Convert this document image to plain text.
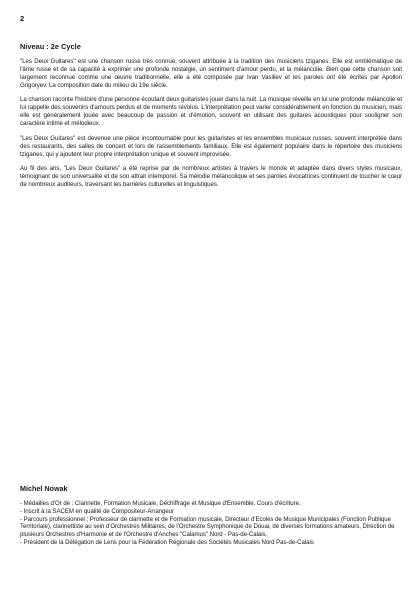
2
Niveau : 2e Cycle

"Les Deux Guitares" est une chanson russe très connue, souvent attribuée à la tradition des musiciens tziganes. Elle est emblématique de l'âme russe et de sa capacité à exprimer une profonde nostalgie, un sentiment d'amour perdu, et la mélancolie. Bien que cette chanson soit largement reconnue comme une œuvre traditionnelle, elle a été composée par Ivan Vasiliev et les paroles ont été écrites par Apollon Grigoryev. La composition date du milieu du 19e siècle.

La chanson raconte l'histoire d'une personne écoutant deux guitaristes jouer dans la nuit. La musique réveille en lui une profonde mélancolie et lui rappelle des souvenirs d'amours perdus et de moments révolus. L'interprétation peut varier considérablement en fonction du musicien, mais elle est généralement jouée avec beaucoup de passion et d'émotion, souvent en utilisant des guitares acoustiques pour souligner son caractère intime et mélodieux.

"Les Deux Guitares" est devenue une pièce incontournable pour les guitaristes et les ensembles musicaux russes, souvent interprétée dans des restaurants, des salles de concert et lors de rassemblements familiaux. Elle est également populaire dans le répertoire des musiciens tziganes, qui y ajoutent leur propre interprétation unique et souvent improvisée.

Au fil des ans, "Les Deux Guitares" a été reprise par de nombreux artistes à travers le monde et adaptée dans divers styles musicaux, témoignant de son universalité et de son attrait intemporel. Sa mélodie mélancolique et ses paroles évocatrices continuent de toucher le cœur de nombreux auditeurs, traversant les barrières culturelles et linguistiques.

Michel Nowak
- Médailles d'Or de : Clarinette, Formation Musicale, Déchiffrage et Musique d'Ensemble, Cours d'écriture.
- Inscrit à la SACEM en qualité de Compositeur-Arrangeur
- Parcours professionnel : Professeur de clarinette et de Formation musicale, Directeur d'Ecoles de Musique Municipales (Fonction Publique Territoriale), clarinettiste au sein d'Orchestres Militaires, de l'Orchestre Symphonique de Douai, de diverses formations amateurs, Direction de plusieurs Orchestres d'Harmonie et de l'Orchestre d'Anches "Calamus" Nord - Pas-de-Calais.
- Président de la Délégation de Lens pour la Fédération Régionale des Sociétés Musicales Nord Pas-de-Calais
